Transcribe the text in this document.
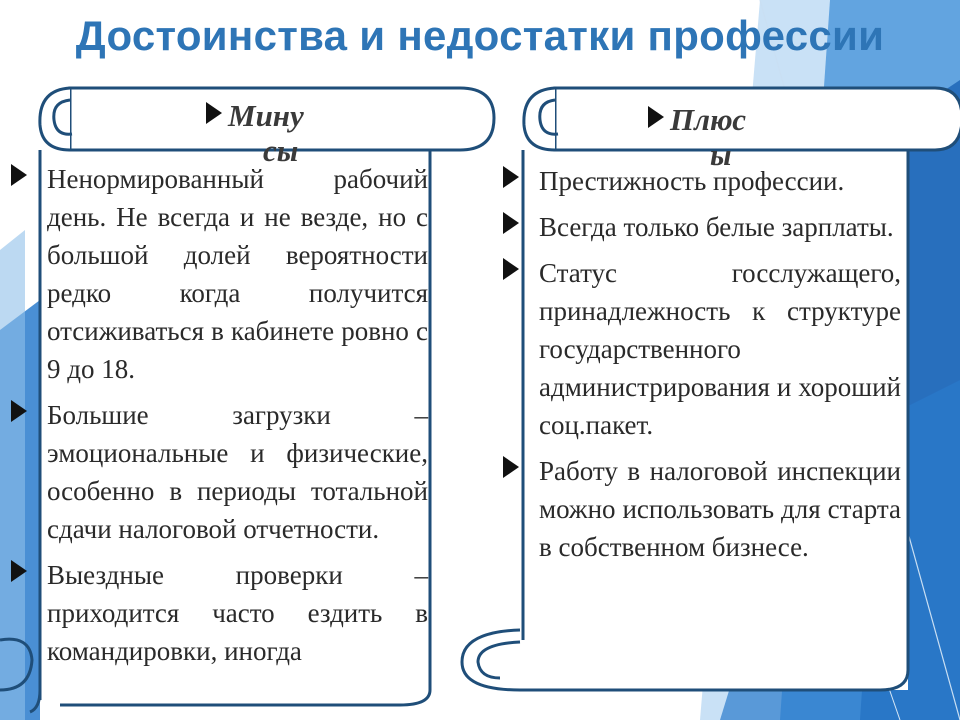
Достоинства и недостатки профессии
Мину
сы
Плюс
ы
Ненормированный рабочий день. Не всегда и не везде, но с большой долей вероятности редко когда получится отсиживаться в кабинете ровно с 9 до 18.
Большие загрузки – эмоциональные и физические, особенно в периоды тотальной сдачи налоговой отчетности.
Выездные проверки – приходится часто ездить в командировки, иногда
Престижность профессии.
Всегда только белые зарплаты.
Статус госслужащего, принадлежность к структуре государственного администрирования и хороший соц.пакет.
Работу в налоговой инспекции можно использовать для старта в собственном бизнесе.
